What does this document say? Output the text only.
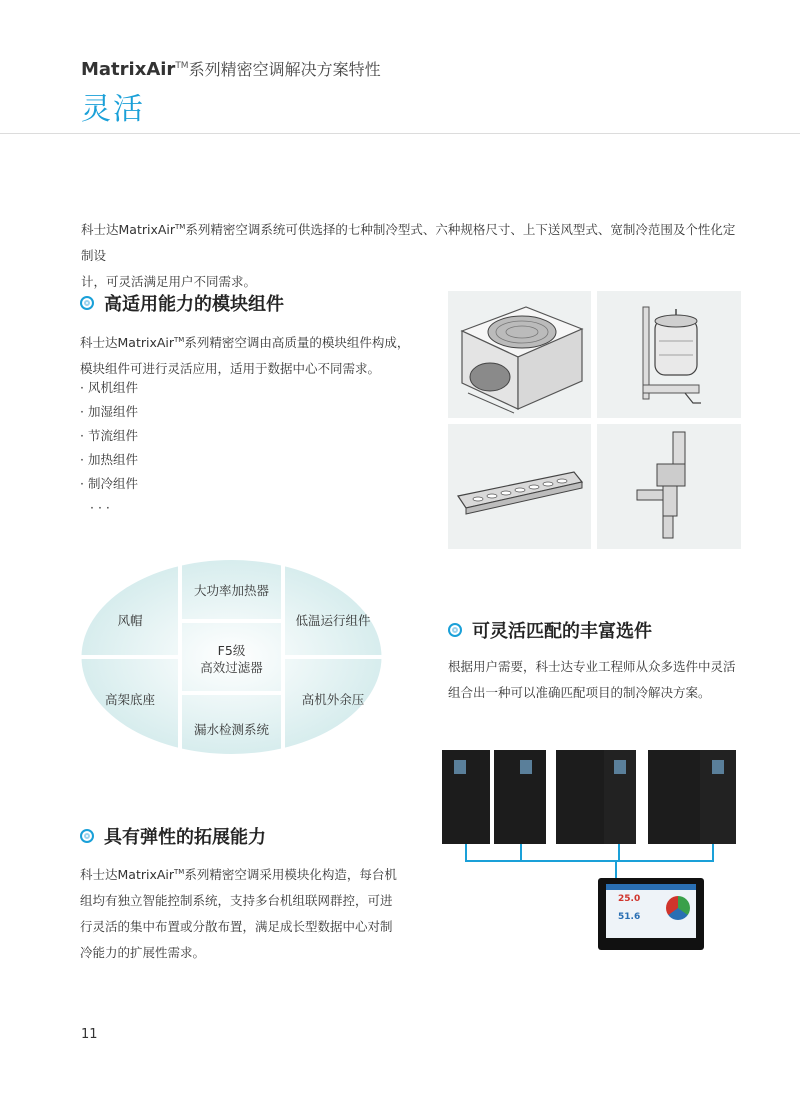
MatrixAir™系列精密空调解决方案特性
灵活
科士达MatrixAir™系列精密空调系统可供选择的七种制冷型式、六种规格尺寸、上下送风型式、宽制冷范围及个性化定制设
计，可灵活满足用户不同需求。
高适用能力的模块组件
科士达MatrixAir™系列精密空调由高质量的模块组件构成，
模块组件可进行灵活应用，适用于数据中心不同需求。
· 风机组件
· 加湿组件
· 节流组件
· 加热组件
· 制冷组件
· · ·
风帽
大功率加热器
低温运行组件
F5级
高效过滤器
高架底座	高机外余压
漏水检测系统
可灵活匹配的丰富选件
根据用户需要，科士达专业工程师从众多选件中灵活
组合出一种可以准确匹配项目的制冷解决方案。
25.0
51.6
具有弹性的拓展能力
科士达MatrixAir™系列精密空调采用模块化构造，每台机
组均有独立智能控制系统，支持多台机组联网群控，可进
行灵活的集中布置或分散布置，满足成长型数据中心对制
冷能力的扩展性需求。
11
